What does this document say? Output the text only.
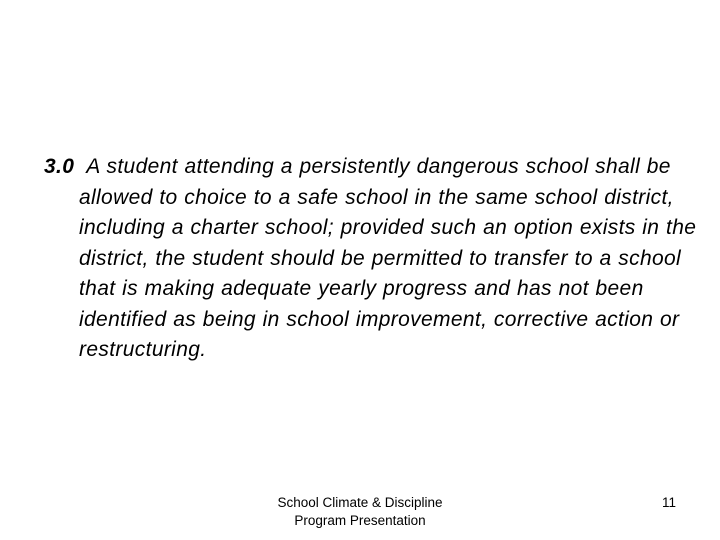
3.0 A student attending a persistently dangerous school shall be allowed to choice to a safe school in the same school district, including a charter school; provided such an option exists in the district, the student should be permitted to transfer to a school that is making adequate yearly progress and has not been identified as being in school improvement, corrective action or restructuring.
School Climate & Discipline
Program Presentation
11
